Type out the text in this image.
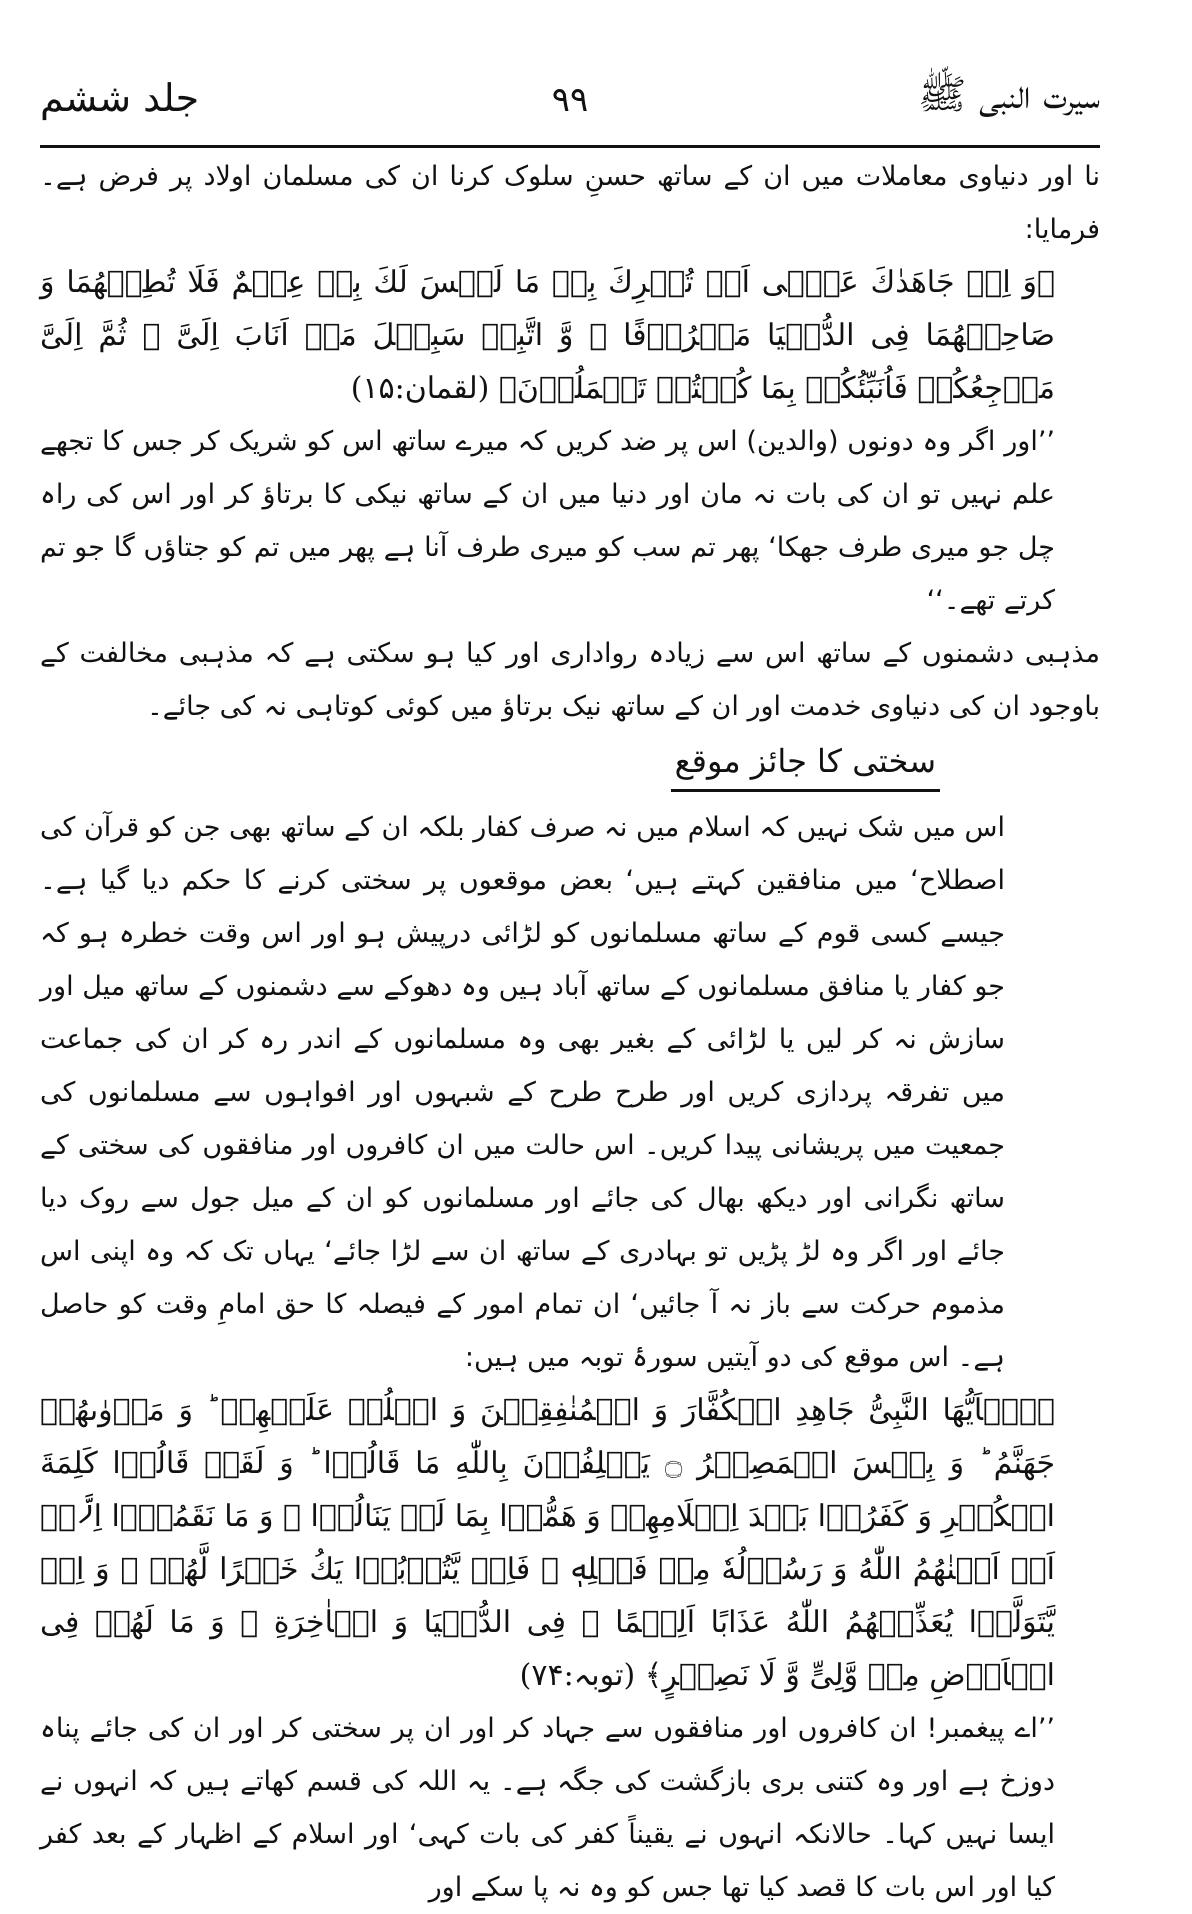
جلد ششم	۹۹	سیرت النبی ﷺ

نا اور دنیاوی معاملات میں ان کے ساتھ حسنِ سلوک کرنا ان کی مسلمان اولاد پر فرض ہے۔ فرمایا:

﴿وَ اِنۡ جَاهَدٰكَ عَلٰۤی اَنۡ تُشۡرِكَ بِیۡ مَا لَیۡسَ لَكَ بِهٖ عِلۡمٌ فَلَا تُطِعۡهُمَا وَ صَاحِبۡهُمَا فِی الدُّنۡیَا مَعۡرُوۡفًا ۫ وَّ اتَّبِعۡ سَبِیۡلَ مَنۡ اَنَابَ اِلَیَّ ۚ ثُمَّ اِلَیَّ مَرۡجِعُكُمۡ فَاُنَبِّئُكُمۡ بِمَا كُنۡتُمۡ تَعۡمَلُوۡنَ﴾ (لقمان:۱۵)

’’اور اگر وہ دونوں (والدین) اس پر ضد کریں کہ میرے ساتھ اس کو شریک کر جس کا تجھے علم نہیں تو ان کی بات نہ مان اور دنیا میں ان کے ساتھ نیکی کا برتاؤ کر اور اس کی راہ چل جو میری طرف جھکا‘ پھر تم سب کو میری طرف آنا ہے پھر میں تم کو جتاؤں گا جو تم کرتے تھے۔‘‘

مذہبی دشمنوں کے ساتھ اس سے زیادہ رواداری اور کیا ہو سکتی ہے کہ مذہبی مخالفت کے باوجود ان کی دنیاوی خدمت اور ان کے ساتھ نیک برتاؤ میں کوئی کوتاہی نہ کی جائے۔

سختی کا جائز موقع

اس میں شک نہیں کہ اسلام میں نہ صرف کفار بلکہ ان کے ساتھ بھی جن کو قرآن کی اصطلاح‘ میں منافقین کہتے ہیں‘ بعض موقعوں پر سختی کرنے کا حکم دیا گیا ہے۔ جیسے کسی قوم کے ساتھ مسلمانوں کو لڑائی درپیش ہو اور اس وقت خطرہ ہو کہ جو کفار یا منافق مسلمانوں کے ساتھ آباد ہیں وہ دھوکے سے دشمنوں کے ساتھ میل اور سازش نہ کر لیں یا لڑائی کے بغیر بھی وہ مسلمانوں کے اندر رہ کر ان کی جماعت میں تفرقہ پردازی کریں اور طرح طرح کے شبہوں اور افواہوں سے مسلمانوں کی جمعیت میں پریشانی پیدا کریں۔ اس حالت میں ان کافروں اور منافقوں کی سختی کے ساتھ نگرانی اور دیکھ بھال کی جائے اور مسلمانوں کو ان کے میل جول سے روک دیا جائے اور اگر وہ لڑ پڑیں تو بہادری کے ساتھ ان سے لڑا جائے‘ یہاں تک کہ وہ اپنی اس مذموم حرکت سے باز نہ آ جائیں‘ ان تمام امور کے فیصلہ کا حق امامِ وقت کو حاصل ہے۔ اس موقع کی دو آیتیں سورۂ توبہ میں ہیں:

﴿یٰۤاَیُّهَا النَّبِیُّ جَاهِدِ الۡكُفَّارَ وَ الۡمُنٰفِقِیۡنَ وَ اغۡلُظۡ عَلَیۡهِمۡ ؕ وَ مَاۡوٰىهُمۡ جَهَنَّمُ ؕ وَ بِئۡسَ الۡمَصِیۡرُ ۝ یَحۡلِفُوۡنَ بِاللّٰهِ مَا قَالُوۡا ؕ وَ لَقَدۡ قَالُوۡا كَلِمَةَ الۡكُفۡرِ وَ كَفَرُوۡا بَعۡدَ اِسۡلَامِهِمۡ وَ هَمُّوۡا بِمَا لَمۡ یَنَالُوۡا ۚ وَ مَا نَقَمُوۡۤا اِلَّاۤ اَنۡ اَغۡنٰهُمُ اللّٰهُ وَ رَسُوۡلُهٗ مِنۡ فَضۡلِهٖ ۚ فَاِنۡ یَّتُوۡبُوۡا یَكُ خَیۡرًا لَّهُمۡ ۚ وَ اِنۡ یَّتَوَلَّوۡا یُعَذِّبۡهُمُ اللّٰهُ عَذَابًا اَلِیۡمًا ۙ فِی الدُّنۡیَا وَ الۡاٰخِرَةِ ۚ وَ مَا لَهُمۡ فِی الۡاَرۡضِ مِنۡ وَّلِیٍّ وَّ لَا نَصِیۡرٍ﴾ (توبہ:۷۴)

’’اے پیغمبر! ان کافروں اور منافقوں سے جہاد کر اور ان پر سختی کر اور ان کی جائے پناہ دوزخ ہے اور وہ کتنی بری بازگشت کی جگہ ہے۔ یہ اللہ کی قسم کھاتے ہیں کہ انہوں نے ایسا نہیں کہا۔ حالانکہ انہوں نے یقیناً کفر کی بات کہی‘ اور اسلام کے اظہار کے بعد کفر کیا اور اس بات کا قصد کیا تھا جس کو وہ نہ پا سکے اور
